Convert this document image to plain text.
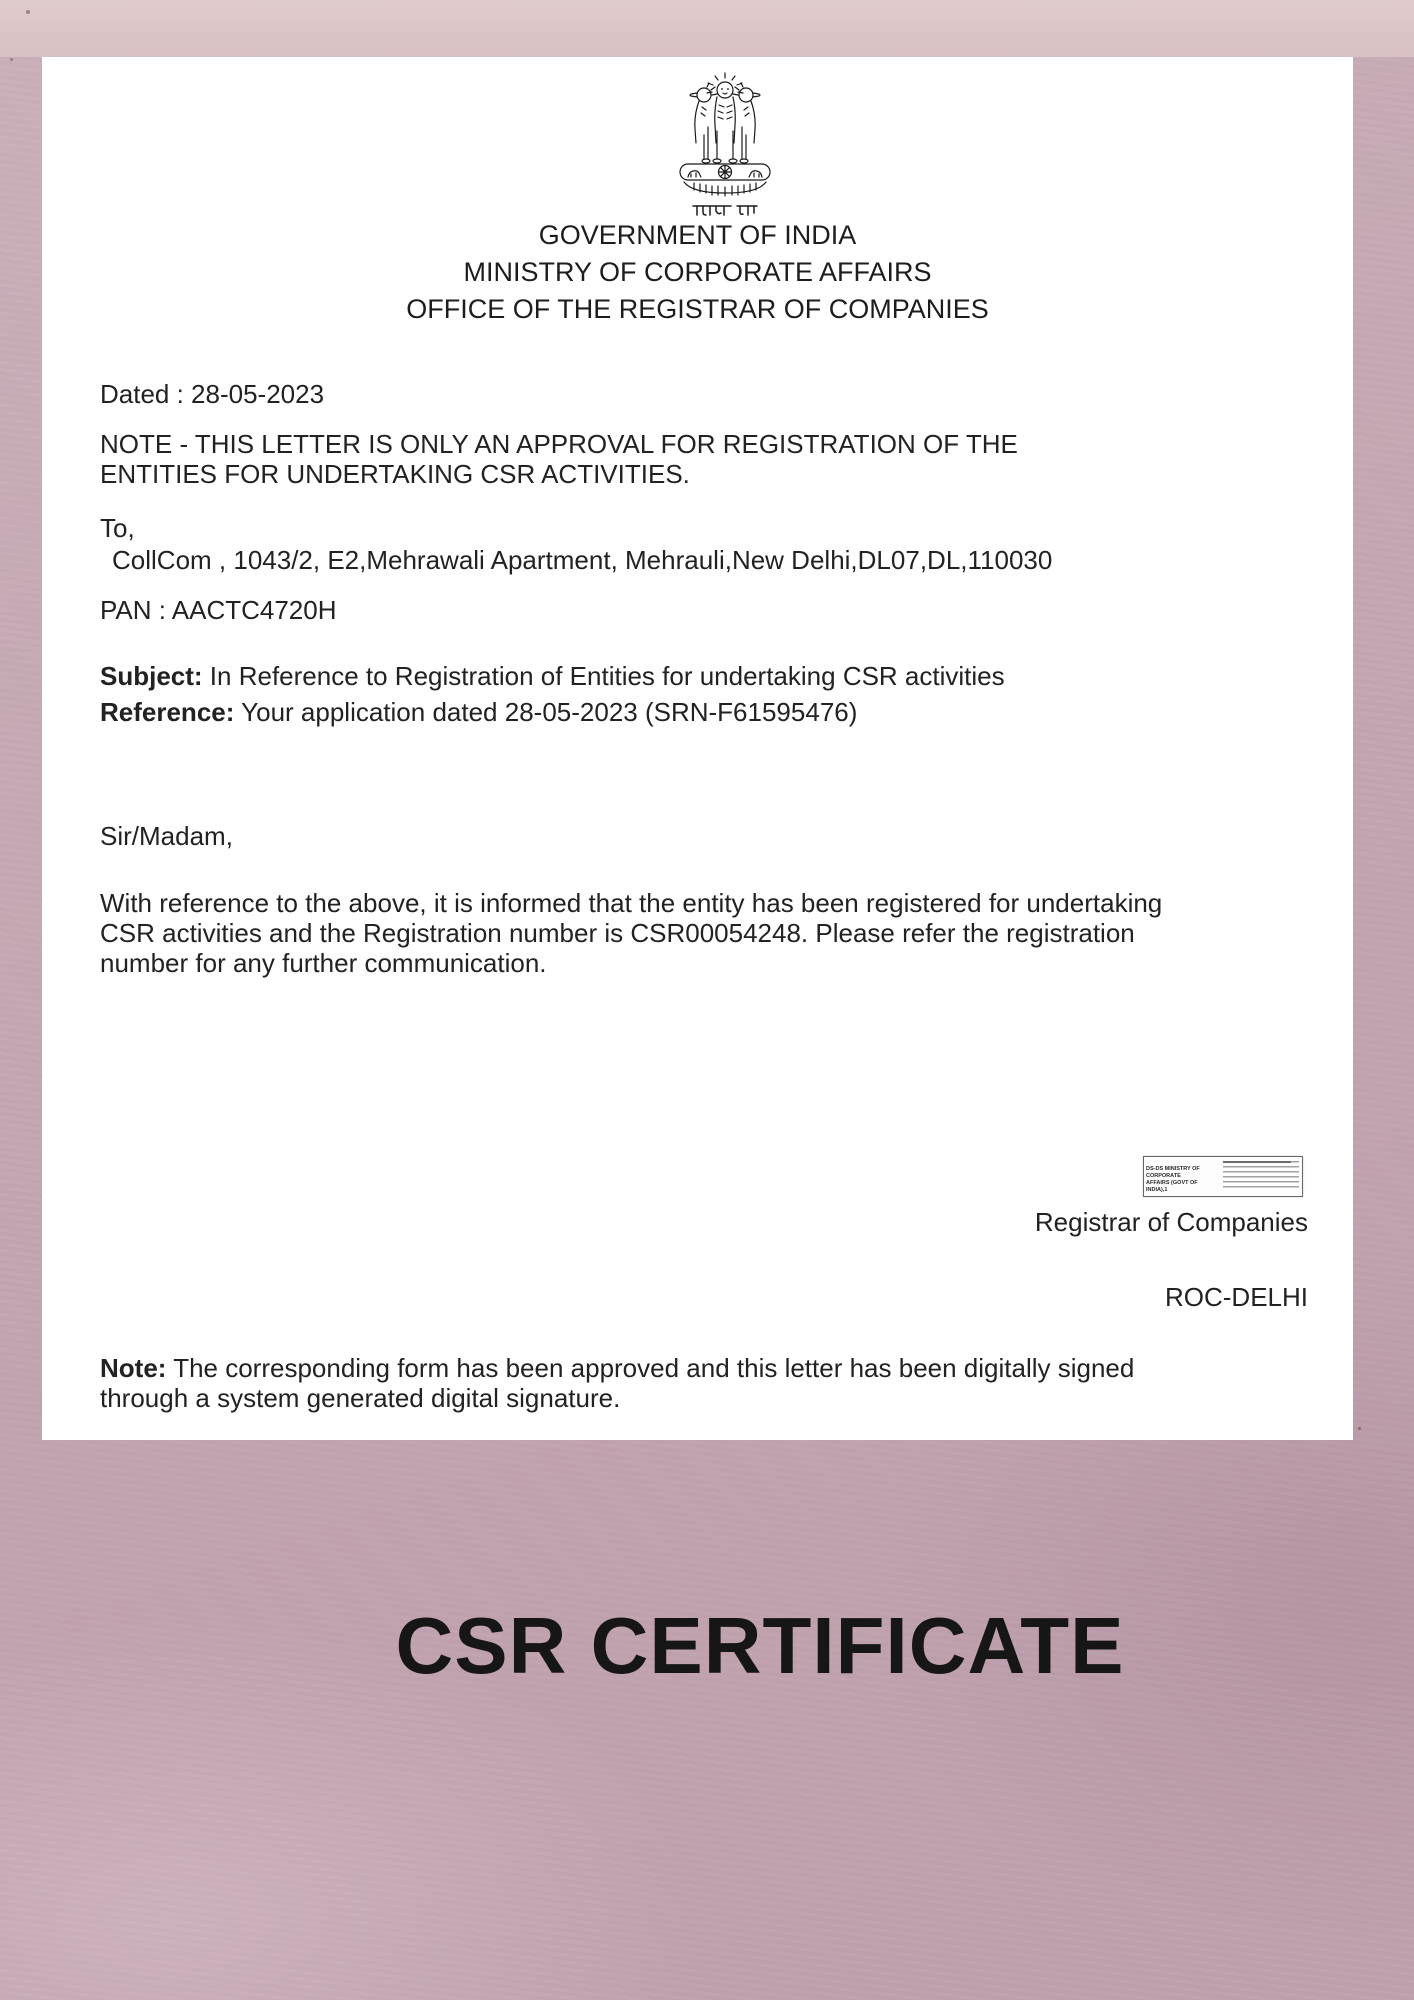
GOVERNMENT OF INDIA
MINISTRY OF CORPORATE AFFAIRS
OFFICE OF THE REGISTRAR OF COMPANIES
Dated : 28-05-2023
NOTE - THIS LETTER IS ONLY AN APPROVAL FOR REGISTRATION OF THE
ENTITIES FOR UNDERTAKING CSR ACTIVITIES.
To,
CollCom , 1043/2, E2,Mehrawali Apartment, Mehrauli,New Delhi,DL07,DL,110030
PAN : AACTC4720H
Subject: In Reference to Registration of Entities for undertaking CSR activities
Reference: Your application dated 28-05-2023 (SRN-F61595476)
Sir/Madam,
With reference to the above, it is informed that the entity has been registered for undertaking
CSR activities and the Registration number is CSR00054248. Please refer the registration
number for any further communication.
DS-DS MINISTRY OF CORPORATE
AFFAIRS (GOVT OF INDIA),1
Registrar of Companies
ROC-DELHI
Note: The corresponding form has been approved and this letter has been digitally signed
through a system generated digital signature.
CSR CERTIFICATE
